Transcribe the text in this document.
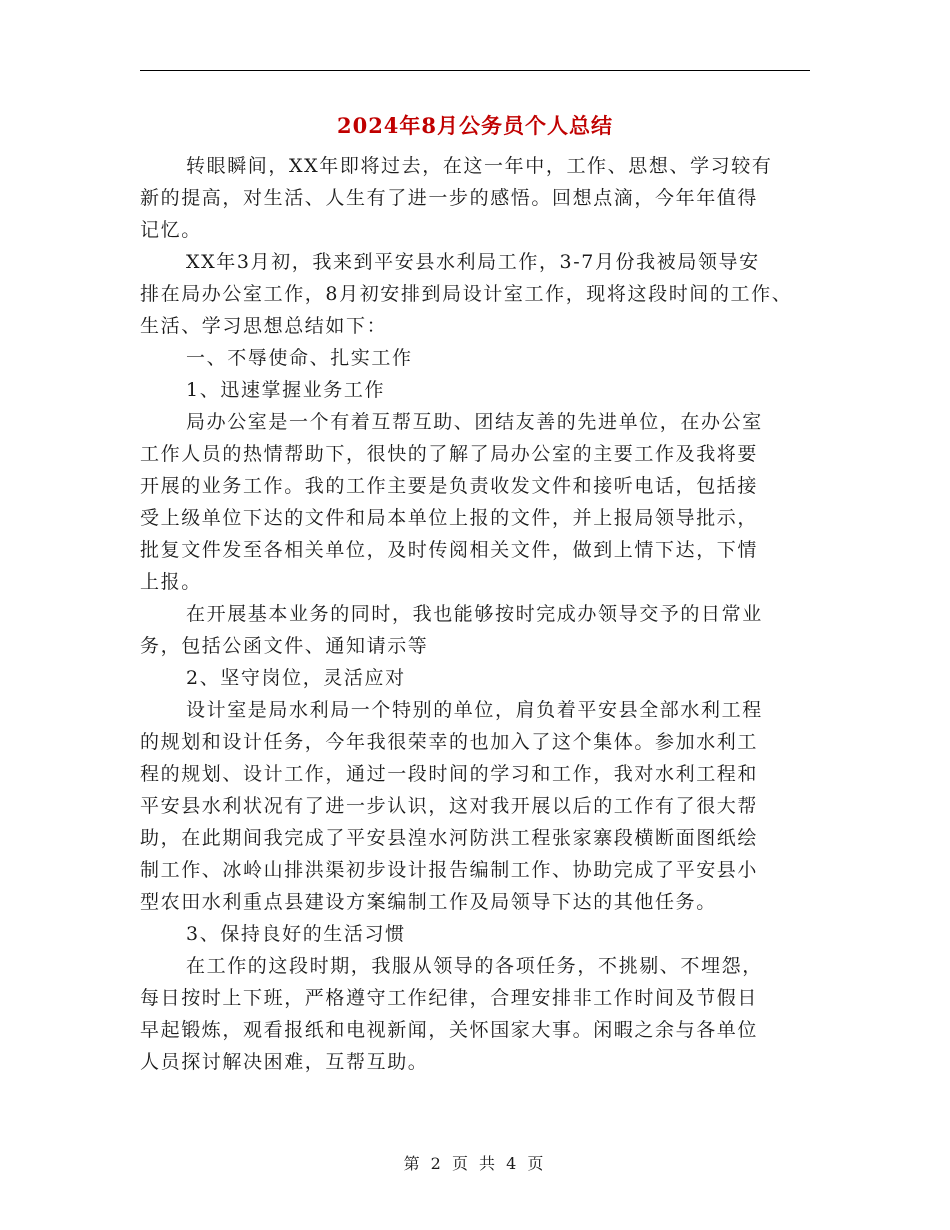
2024年8月公务员个人总结
转眼瞬间，XX年即将过去，在这一年中，工作、思想、学习较有
新的提高，对生活、人生有了进一步的感悟。回想点滴，今年年值得
记忆。
XX年3月初，我来到平安县水利局工作，3-7月份我被局领导安
排在局办公室工作，8月初安排到局设计室工作，现将这段时间的工作、
生活、学习思想总结如下：
一、不辱使命、扎实工作
1、迅速掌握业务工作
局办公室是一个有着互帮互助、团结友善的先进单位，在办公室
工作人员的热情帮助下，很快的了解了局办公室的主要工作及我将要
开展的业务工作。我的工作主要是负责收发文件和接听电话，包括接
受上级单位下达的文件和局本单位上报的文件，并上报局领导批示，
批复文件发至各相关单位，及时传阅相关文件，做到上情下达，下情
上报。
在开展基本业务的同时，我也能够按时完成办领导交予的日常业
务，包括公函文件、通知请示等
2、坚守岗位，灵活应对
设计室是局水利局一个特别的单位，肩负着平安县全部水利工程
的规划和设计任务，今年我很荣幸的也加入了这个集体。参加水利工
程的规划、设计工作，通过一段时间的学习和工作，我对水利工程和
平安县水利状况有了进一步认识，这对我开展以后的工作有了很大帮
助，在此期间我完成了平安县湟水河防洪工程张家寨段横断面图纸绘
制工作、冰岭山排洪渠初步设计报告编制工作、协助完成了平安县小
型农田水利重点县建设方案编制工作及局领导下达的其他任务。
3、保持良好的生活习惯
在工作的这段时期，我服从领导的各项任务，不挑剔、不埋怨，
每日按时上下班，严格遵守工作纪律，合理安排非工作时间及节假日
早起锻炼，观看报纸和电视新闻，关怀国家大事。闲暇之余与各单位
人员探讨解决困难，互帮互助。
第 2 页 共 4 页
